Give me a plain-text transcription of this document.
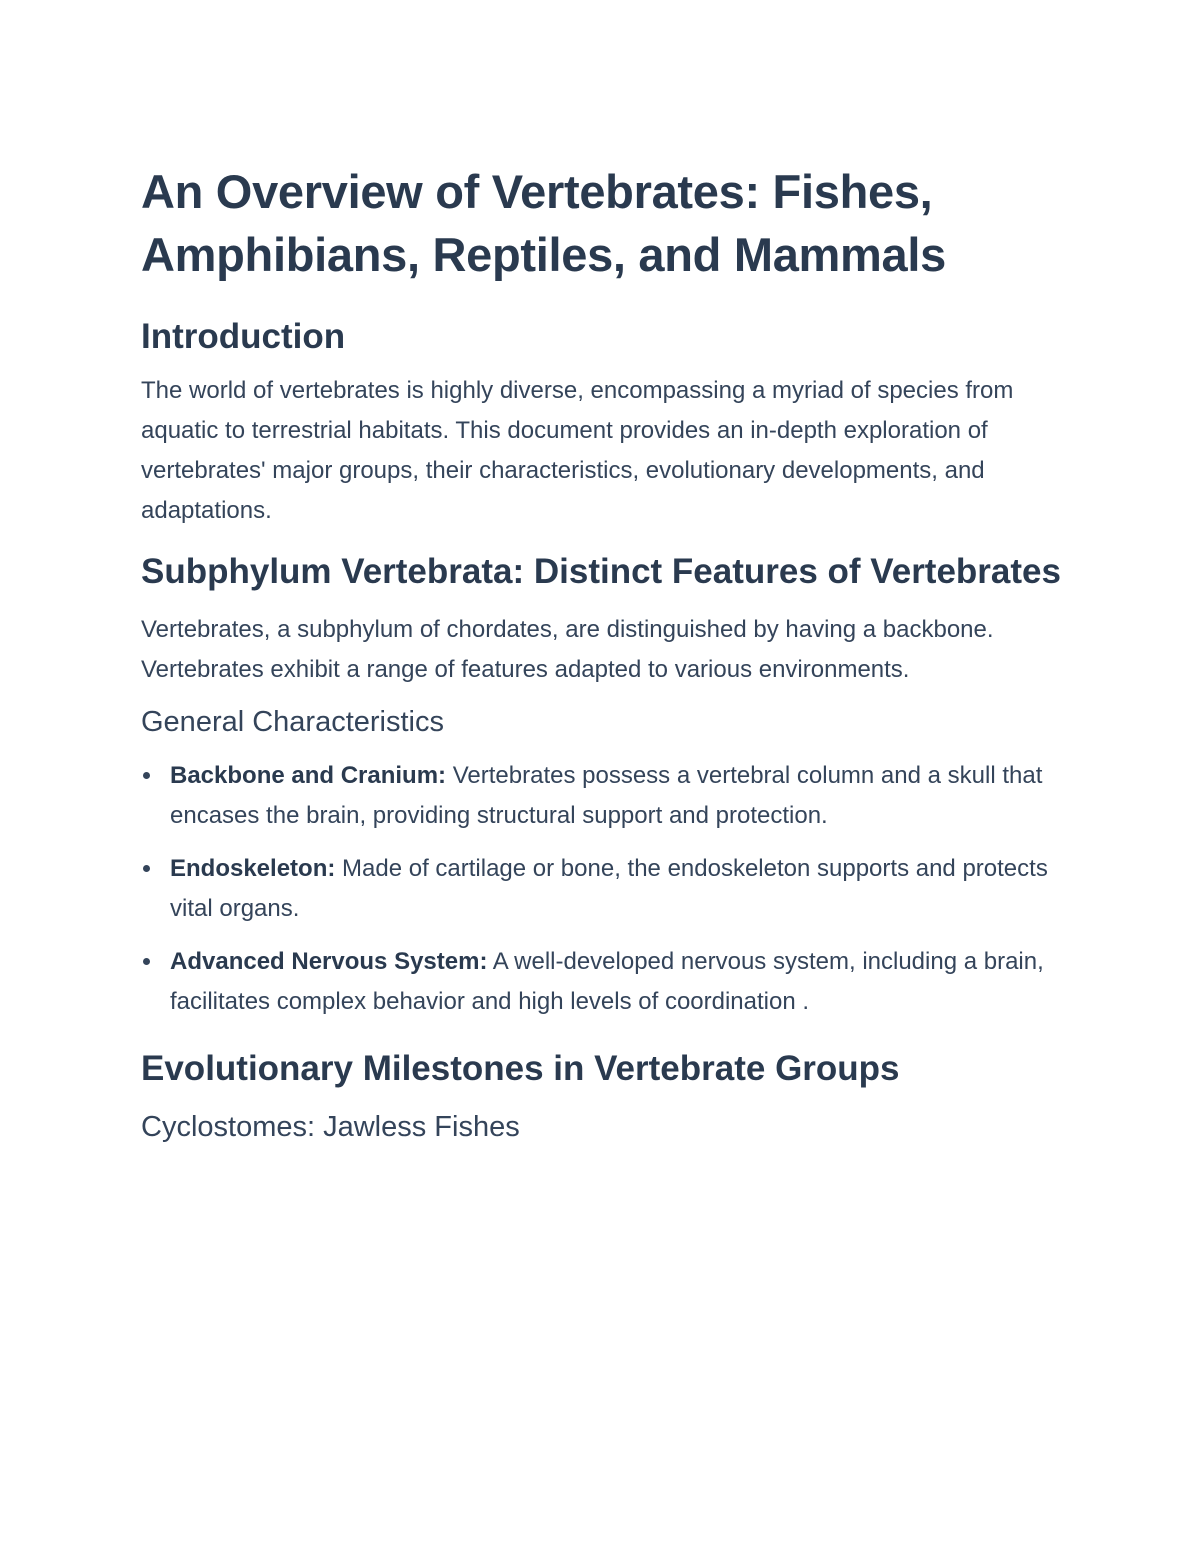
An Overview of Vertebrates: Fishes, Amphibians, Reptiles, and Mammals
Introduction

The world of vertebrates is highly diverse, encompassing a myriad of species from aquatic to terrestrial habitats. This document provides an in-depth exploration of vertebrates' major groups, their characteristics, evolutionary developments, and adaptations.

Subphylum Vertebrata: Distinct Features of Vertebrates

Vertebrates, a subphylum of chordates, are distinguished by having a backbone. Vertebrates exhibit a range of features adapted to various environments.

General Characteristics
Backbone and Cranium: Vertebrates possess a vertebral column and a skull that encases the brain, providing structural support and protection.
Endoskeleton: Made of cartilage or bone, the endoskeleton supports and protects vital organs.
Advanced Nervous System: A well-developed nervous system, including a brain, facilitates complex behavior and high levels of coordination .
Evolutionary Milestones in Vertebrate Groups
Cyclostomes: Jawless Fishes
